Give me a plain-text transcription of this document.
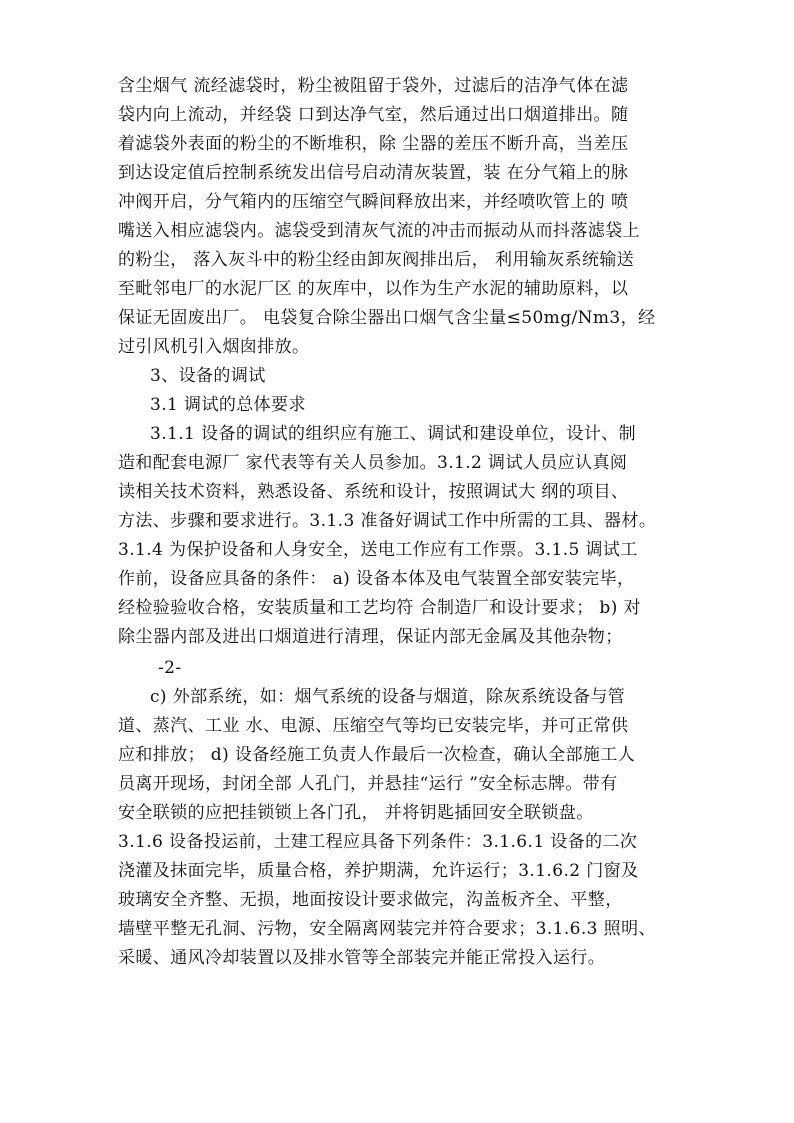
含尘烟气 流经滤袋时，粉尘被阻留于袋外，过滤后的洁净气体在滤
袋内向上流动，并经袋 口到达净气室，然后通过出口烟道排出。随
着滤袋外表面的粉尘的不断堆积，除 尘器的差压不断升高，当差压
到达设定值后控制系统发出信号启动清灰装置，装 在分气箱上的脉
冲阀开启，分气箱内的压缩空气瞬间释放出来，并经喷吹管上的 喷
嘴送入相应滤袋内。滤袋受到清灰气流的冲击而振动从而抖落滤袋上
的粉尘， 落入灰斗中的粉尘经由卸灰阀排出后， 利用输灰系统输送
至毗邻电厂的水泥厂区 的灰库中，以作为生产水泥的辅助原料，以
保证无固废出厂。 电袋复合除尘器出口烟气含尘量≤50mg/Nm3，经
过引风机引入烟囱排放。
3、设备的调试
3.1 调试的总体要求
3.1.1 设备的调试的组织应有施工、调试和建设单位，设计、制
造和配套电源厂 家代表等有关人员参加。3.1.2 调试人员应认真阅
读相关技术资料，熟悉设备、系统和设计，按照调试大 纲的项目、
方法、步骤和要求进行。3.1.3 准备好调试工作中所需的工具、器材。
3.1.4 为保护设备和人身安全，送电工作应有工作票。3.1.5 调试工
作前，设备应具备的条件： a) 设备本体及电气装置全部安装完毕，
经检验验收合格，安装质量和工艺均符 合制造厂和设计要求； b) 对
除尘器内部及进出口烟道进行清理，保证内部无金属及其他杂物；
-2-
c) 外部系统，如：烟气系统的设备与烟道，除灰系统设备与管
道、蒸汽、工业 水、电源、压缩空气等均已安装完毕，并可正常供
应和排放； d) 设备经施工负责人作最后一次检查，确认全部施工人
员离开现场，封闭全部 人孔门，并悬挂“运行 ”安全标志牌。带有
安全联锁的应把挂锁锁上各门孔， 并将钥匙插回安全联锁盘。
3.1.6 设备投运前，土建工程应具备下列条件：3.1.6.1 设备的二次
浇灌及抹面完毕，质量合格，养护期满，允许运行；3.1.6.2 门窗及
玻璃安全齐整、无损，地面按设计要求做完，沟盖板齐全、平整，
墙壁平整无孔洞、污物，安全隔离网装完并符合要求；3.1.6.3 照明、
采暖、通风冷却装置以及排水管等全部装完并能正常投入运行。
